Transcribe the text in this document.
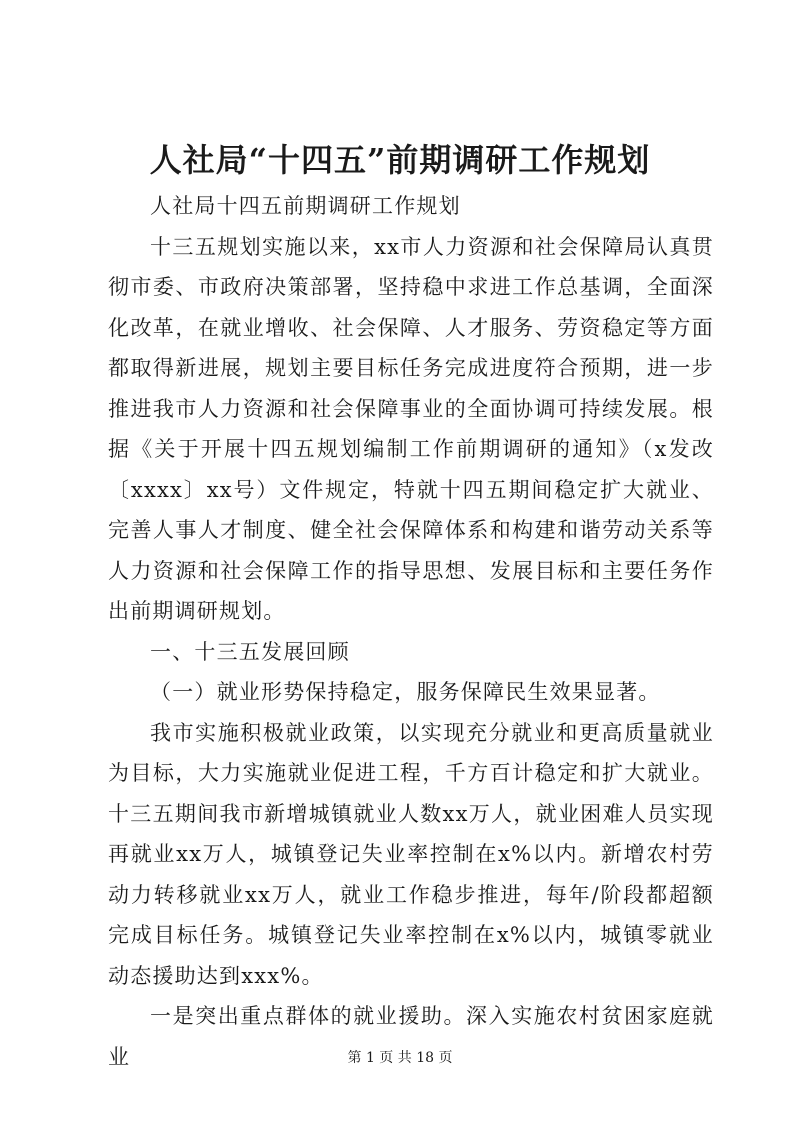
人社局“十四五”前期调研工作规划

人社局十四五前期调研工作规划

十三五规划实施以来，xx市人力资源和社会保障局认真贯彻市委、市政府决策部署，坚持稳中求进工作总基调，全面深化改革，在就业增收、社会保障、人才服务、劳资稳定等方面都取得新进展，规划主要目标任务完成进度符合预期，进一步推进我市人力资源和社会保障事业的全面协调可持续发展。根据《关于开展十四五规划编制工作前期调研的通知》（x发改〔xxxx〕xx号）文件规定，特就十四五期间稳定扩大就业、完善人事人才制度、健全社会保障体系和构建和谐劳动关系等人力资源和社会保障工作的指导思想、发展目标和主要任务作出前期调研规划。

一、十三五发展回顾

（一）就业形势保持稳定，服务保障民生效果显著。

我市实施积极就业政策，以实现充分就业和更高质量就业为目标，大力实施就业促进工程，千方百计稳定和扩大就业。十三五期间我市新增城镇就业人数xx万人，就业困难人员实现再就业xx万人，城镇登记失业率控制在x%以内。新增农村劳动力转移就业xx万人，就业工作稳步推进，每年/阶段都超额完成目标任务。城镇登记失业率控制在x%以内，城镇零就业动态援助达到xxx%。

一是突出重点群体的就业援助。深入实施农村贫困家庭就业	第 1 页 共 18 页
